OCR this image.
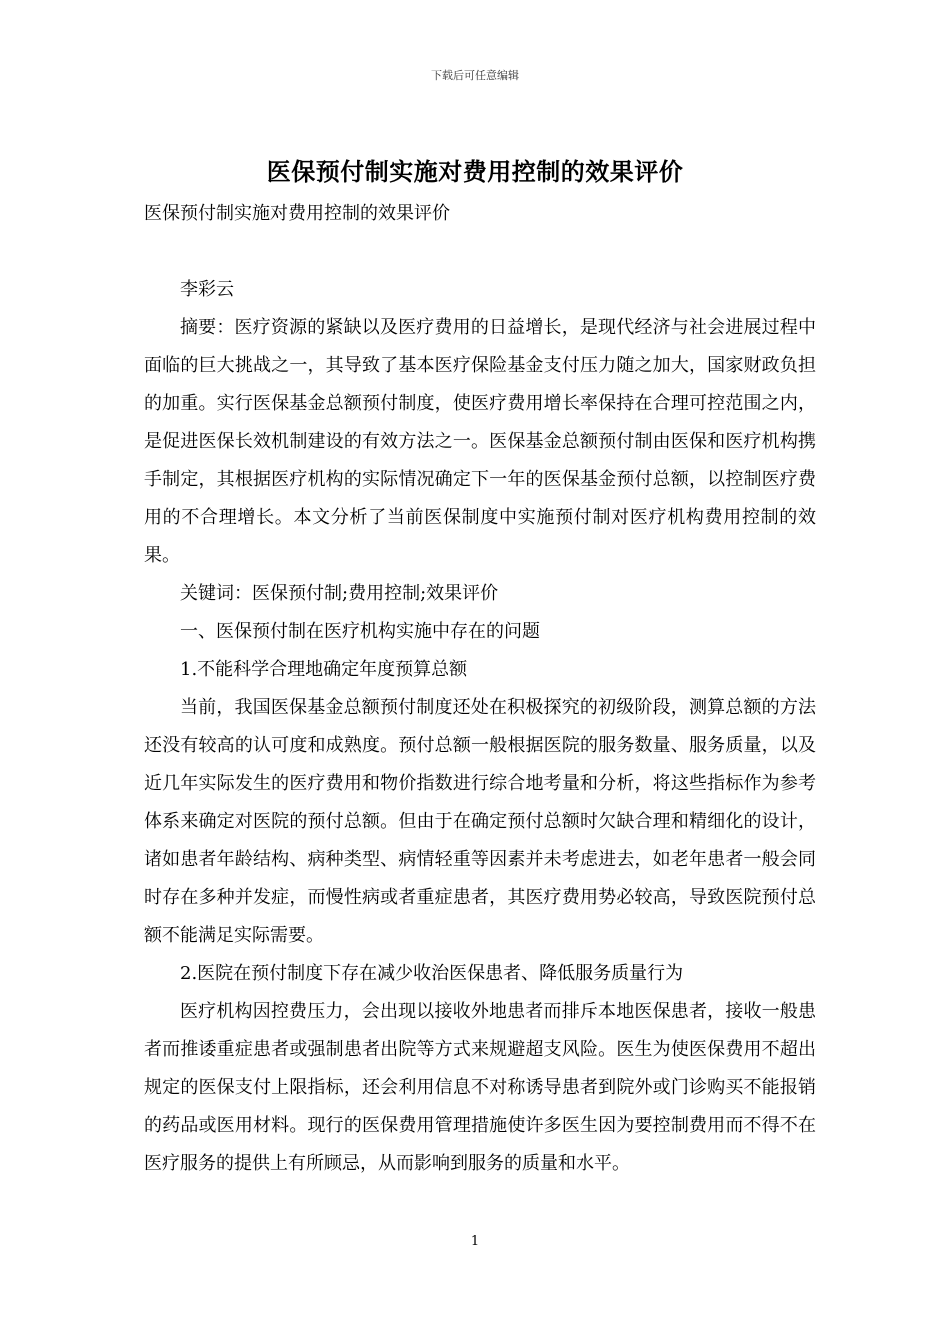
下载后可任意编辑
医保预付制实施对费用控制的效果评价

医保预付制实施对费用控制的效果评价

李彩云

摘要：医疗资源的紧缺以及医疗费用的日益增长，是现代经济与社会进展过程中面临的巨大挑战之一，其导致了基本医疗保险基金支付压力随之加大，国家财政负担的加重。实行医保基金总额预付制度，使医疗费用增长率保持在合理可控范围之内，是促进医保长效机制建设的有效方法之一。医保基金总额预付制由医保和医疗机构携手制定，其根据医疗机构的实际情况确定下一年的医保基金预付总额，以控制医疗费用的不合理增长。本文分析了当前医保制度中实施预付制对医疗机构费用控制的效果。

关键词：医保预付制;费用控制;效果评价

一、医保预付制在医疗机构实施中存在的问题

1.不能科学合理地确定年度预算总额

当前，我国医保基金总额预付制度还处在积极探究的初级阶段，测算总额的方法还没有较高的认可度和成熟度。预付总额一般根据医院的服务数量、服务质量，以及近几年实际发生的医疗费用和物价指数进行综合地考量和分析，将这些指标作为参考体系来确定对医院的预付总额。但由于在确定预付总额时欠缺合理和精细化的设计，诸如患者年龄结构、病种类型、病情轻重等因素并未考虑进去，如老年患者一般会同时存在多种并发症，而慢性病或者重症患者，其医疗费用势必较高，导致医院预付总额不能满足实际需要。

2.医院在预付制度下存在减少收治医保患者、降低服务质量行为

医疗机构因控费压力，会出现以接收外地患者而排斥本地医保患者，接收一般患者而推诿重症患者或强制患者出院等方式来规避超支风险。医生为使医保费用不超出规定的医保支付上限指标，还会利用信息不对称诱导患者到院外或门诊购买不能报销的药品或医用材料。现行的医保费用管理措施使许多医生因为要控制费用而不得不在医疗服务的提供上有所顾忌，从而影响到服务的质量和水平。

1
